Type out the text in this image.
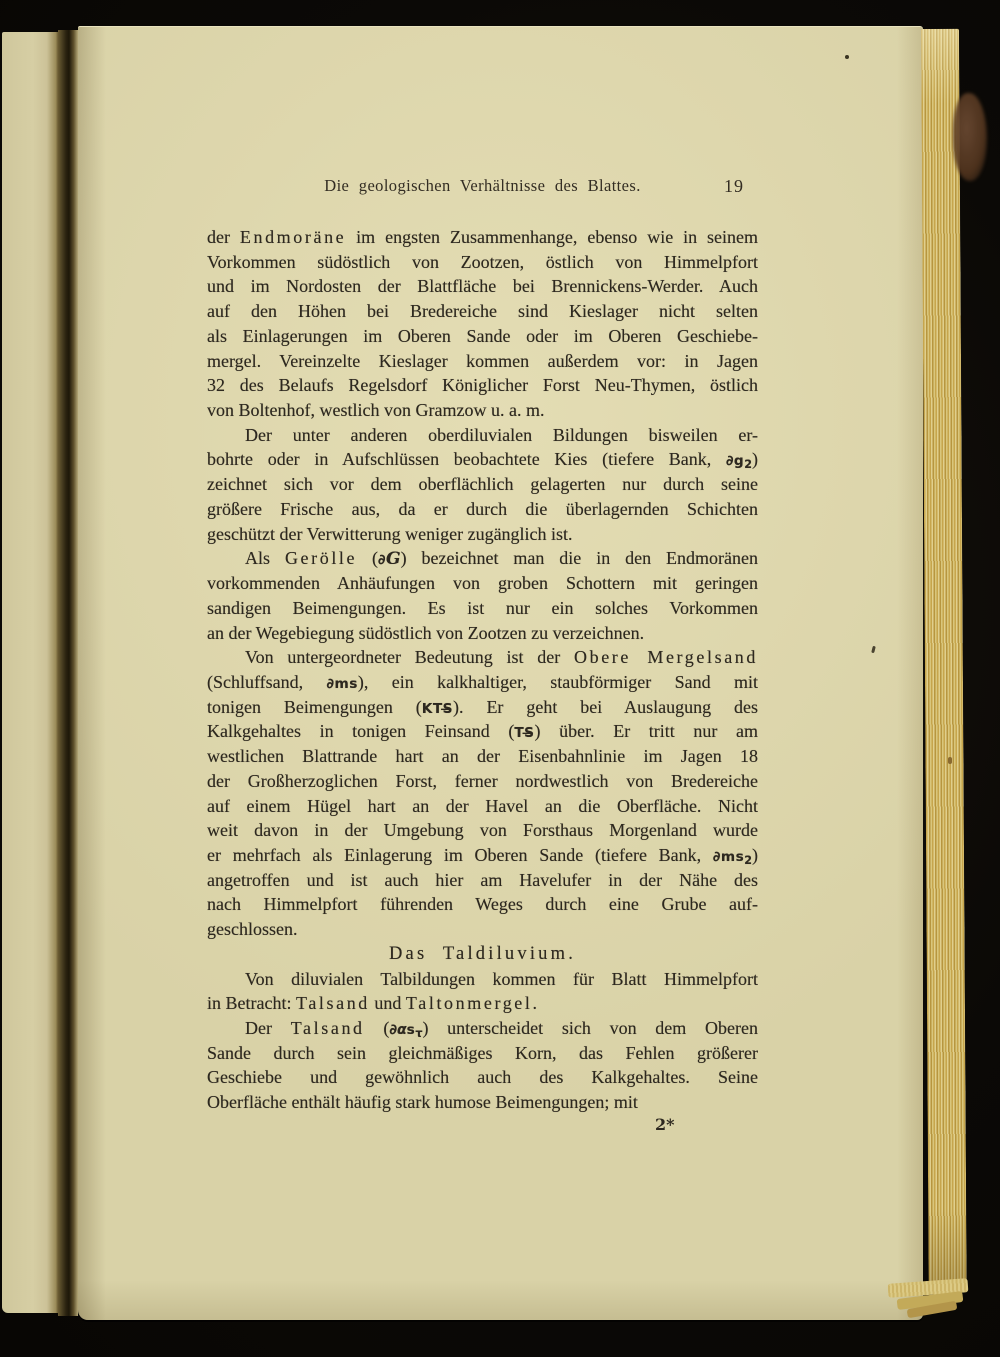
Die geologischen Verhältnisse des Blattes.	19
der Endmoräne im engsten Zusammenhange, ebenso wie in seinem
Vorkommen südöstlich von Zootzen, östlich von Himmelpfort
und im Nordosten der Blattfläche bei Brennickens-Werder. Auch
auf den Höhen bei Bredereiche sind Kieslager nicht selten
als Einlagerungen im Oberen Sande oder im Oberen Geschiebe-
mergel. Vereinzelte Kieslager kommen außerdem vor: in Jagen
32 des Belaufs Regelsdorf Königlicher Forst Neu-Thymen, östlich
von Boltenhof, westlich von Gramzow u. a. m.
Der unter anderen oberdiluvialen Bildungen bisweilen er-
bohrte oder in Aufschlüssen beobachtete Kies (tiefere Bank, ∂g2)
zeichnet sich vor dem oberflächlich gelagerten nur durch seine
größere Frische aus, da er durch die überlagernden Schichten
geschützt der Verwitterung weniger zugänglich ist.
Als Gerölle (∂G) bezeichnet man die in den Endmoränen
vorkommenden Anhäufungen von groben Schottern mit geringen
sandigen Beimengungen. Es ist nur ein solches Vorkommen
an der Wegebiegung südöstlich von Zootzen zu verzeichnen.
Von untergeordneter Bedeutung ist der Obere Mergelsand
(Schluffsand, ∂ms), ein kalkhaltiger, staubförmiger Sand mit
tonigen Beimengungen (KTS̶). Er geht bei Auslaugung des
Kalkgehaltes in tonigen Feinsand (TS̶) über. Er tritt nur am
westlichen Blattrande hart an der Eisenbahnlinie im Jagen 18
der Großherzoglichen Forst, ferner nordwestlich von Bredereiche
auf einem Hügel hart an der Havel an die Oberfläche. Nicht
weit davon in der Umgebung von Forsthaus Morgenland wurde
er mehrfach als Einlagerung im Oberen Sande (tiefere Bank, ∂ms2)
angetroffen und ist auch hier am Havelufer in der Nähe des
nach Himmelpfort führenden Weges durch eine Grube auf-
geschlossen.
Das Taldiluvium.
Von diluvialen Talbildungen kommen für Blatt Himmelpfort
in Betracht: Talsand und Taltonmergel.
Der Talsand (∂αsτ) unterscheidet sich von dem Oberen
Sande durch sein gleichmäßiges Korn, das Fehlen größerer
Geschiebe und gewöhnlich auch des Kalkgehaltes. Seine
Oberfläche enthält häufig stark humose Beimengungen; mit
2*
